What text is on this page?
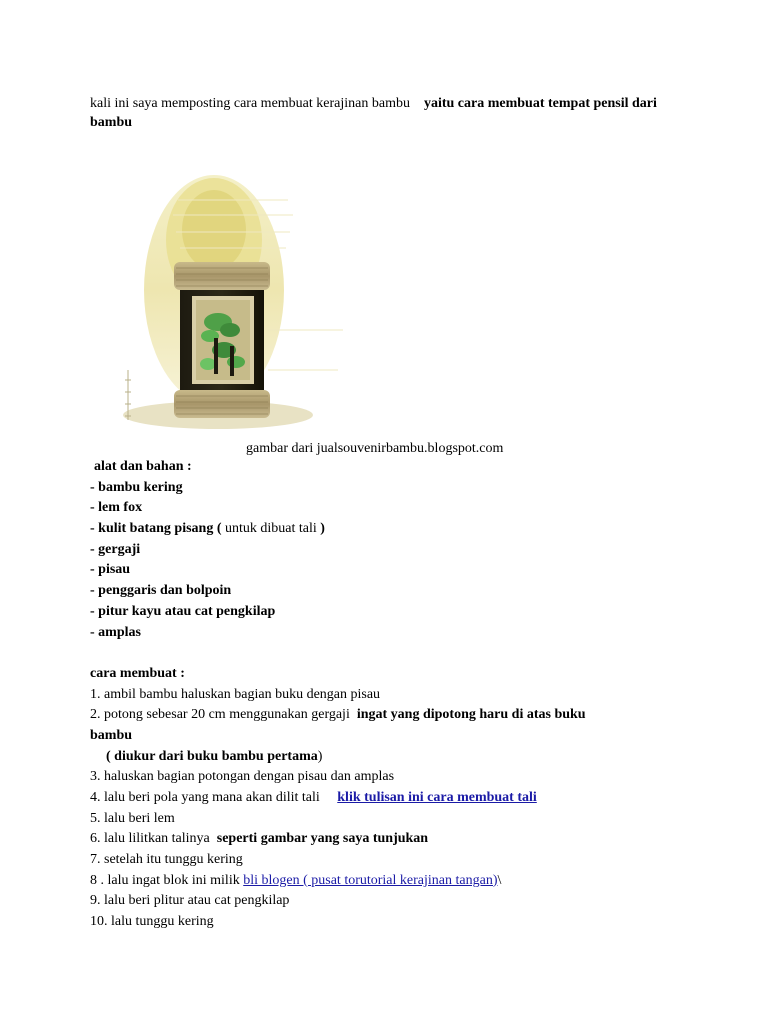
kali ini saya memposting cara membuat kerajinan bambu yaitu cara membuat tempat pensil dari bambu
gambar dari jualsouvenirbambu.blogspot.com
alat dan bahan :
- bambu kering
- lem fox
- kulit batang pisang ( untuk dibuat tali )
- gergaji
- pisau
- penggaris dan bolpoin
- pitur kayu atau cat pengkilap
- amplas
cara membuat :
1. ambil bambu haluskan bagian buku dengan pisau
2. potong sebesar 20 cm menggunakan gergaji ingat yang dipotong haru di atas buku
bambu
( diukur dari buku bambu pertama)
3. haluskan bagian potongan dengan pisau dan amplas
4. lalu beri pola yang mana akan dilit tali klik tulisan ini cara membuat tali
5. lalu beri lem
6. lalu lilitkan talinya seperti gambar yang saya tunjukan
7. setelah itu tunggu kering
8 . lalu ingat blok ini milik bli blogen ( pusat torutorial kerajinan tangan)\
9. lalu beri plitur atau cat pengkilap
10. lalu tunggu kering
